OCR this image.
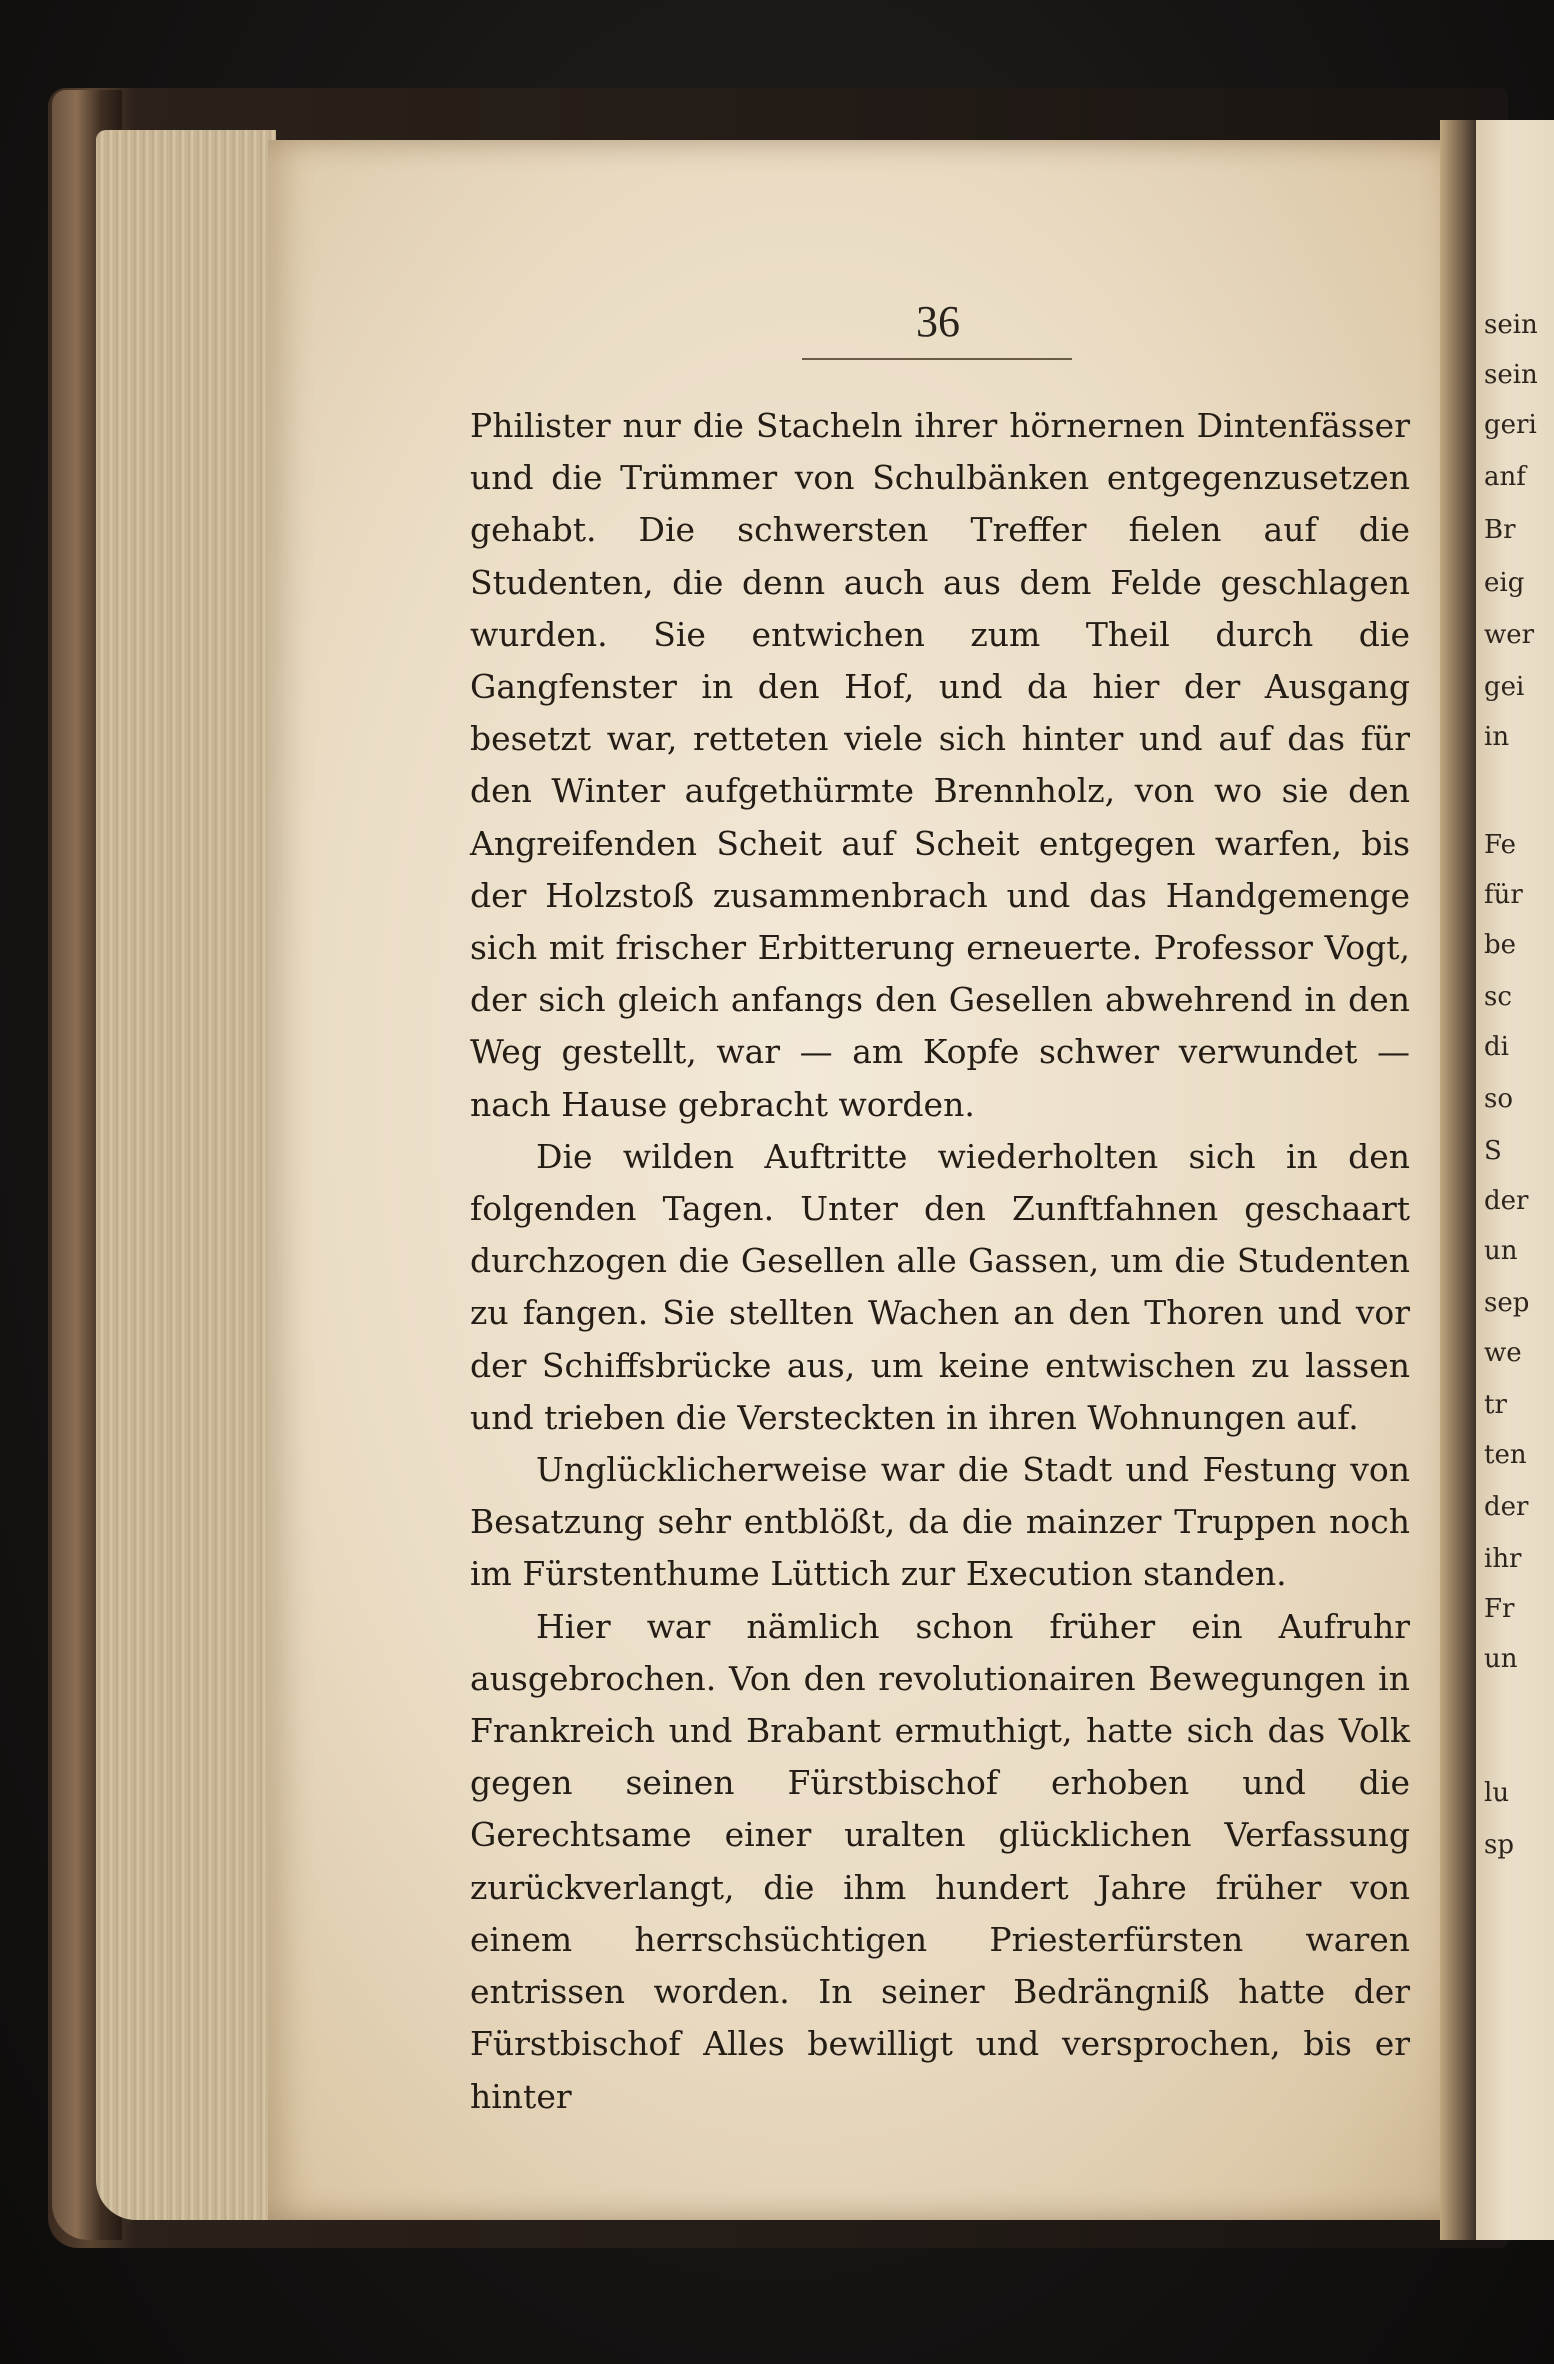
36

Philister nur die Stacheln ihrer hörnernen Dintenfässer und die Trümmer von Schulbänken entgegenzusetzen gehabt. Die schwersten Treffer fielen auf die Studenten, die denn auch aus dem Felde geschlagen wurden. Sie entwichen zum Theil durch die Gangfenster in den Hof, und da hier der Ausgang besetzt war, retteten viele sich hinter und auf das für den Winter aufgethürmte Brennholz, von wo sie den Angreifenden Scheit auf Scheit entgegen warfen, bis der Holzstoß zusammenbrach und das Handgemenge sich mit frischer Erbitterung erneuerte. Professor Vogt, der sich gleich anfangs den Gesellen abwehrend in den Weg gestellt, war — am Kopfe schwer verwundet — nach Hause gebracht worden.

Die wilden Auftritte wiederholten sich in den folgenden Tagen. Unter den Zunftfahnen geschaart durchzogen die Gesellen alle Gassen, um die Studenten zu fangen. Sie stellten Wachen an den Thoren und vor der Schiffsbrücke aus, um keine entwischen zu lassen und trieben die Versteckten in ihren Wohnungen auf.

Unglücklicherweise war die Stadt und Festung von Besatzung sehr entblößt, da die mainzer Truppen noch im Fürstenthume Lüttich zur Execution standen.

Hier war nämlich schon früher ein Aufruhr ausgebrochen. Von den revolutionairen Bewegungen in Frankreich und Brabant ermuthigt, hatte sich das Volk gegen seinen Fürstbischof erhoben und die Gerechtsame einer uralten glücklichen Verfassung zurückverlangt, die ihm hundert Jahre früher von einem herrschsüchtigen Priesterfürsten waren entrissen worden. In seiner Bedrängniß hatte der Fürstbischof Alles bewilligt und versprochen, bis er hinter

sein
sein
geri
anf
Br
eig
wer
gei
in
Fe
für
be
sc
di
so
S
der
un
sep
we
tr
ten
der
ihr
Fr
un
lu
sp
